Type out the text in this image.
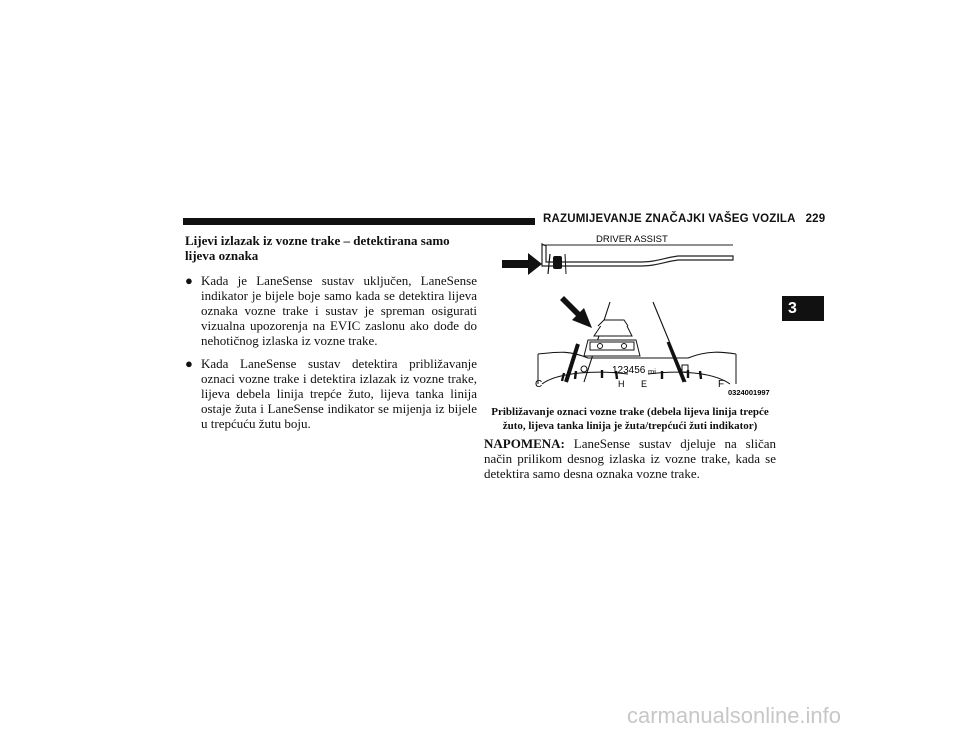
RAZUMIJEVANJE ZNAČAJKI VAŠEG VOZILA 229
3
Lijevi izlazak iz vozne trake – detektirana samo
lijeva oznaka
● Kada je LaneSense sustav uključen, LaneSense indikator je bijele boje samo kada se detektira lijeva oznaka vozne trake i sustav je spreman osigurati vizualna upozorenja na EVIC zaslonu ako dođe do nehotičnog izlaska iz vozne trake.
● Kada LaneSense sustav detektira približavanje oznaci vozne trake i detektira izlazak iz vozne trake, lijeva debela linija trepće žuto, lijeva tanka linija ostaje žuta i LaneSense indikator se mijenja iz bijele u trepćuću žutu boju.
DRIVER ASSIST
123456 mi
C	H E	F
0324001997
Približavanje oznaci vozne trake (debela lijeva linija trepće žuto, lijeva tanka linija je žuta/trepćući žuti indikator)
NAPOMENA: LaneSense sustav djeluje na sličan način prilikom desnog izlaska iz vozne trake, kada se detektira samo desna oznaka vozne trake.
carmanualsonline.info
